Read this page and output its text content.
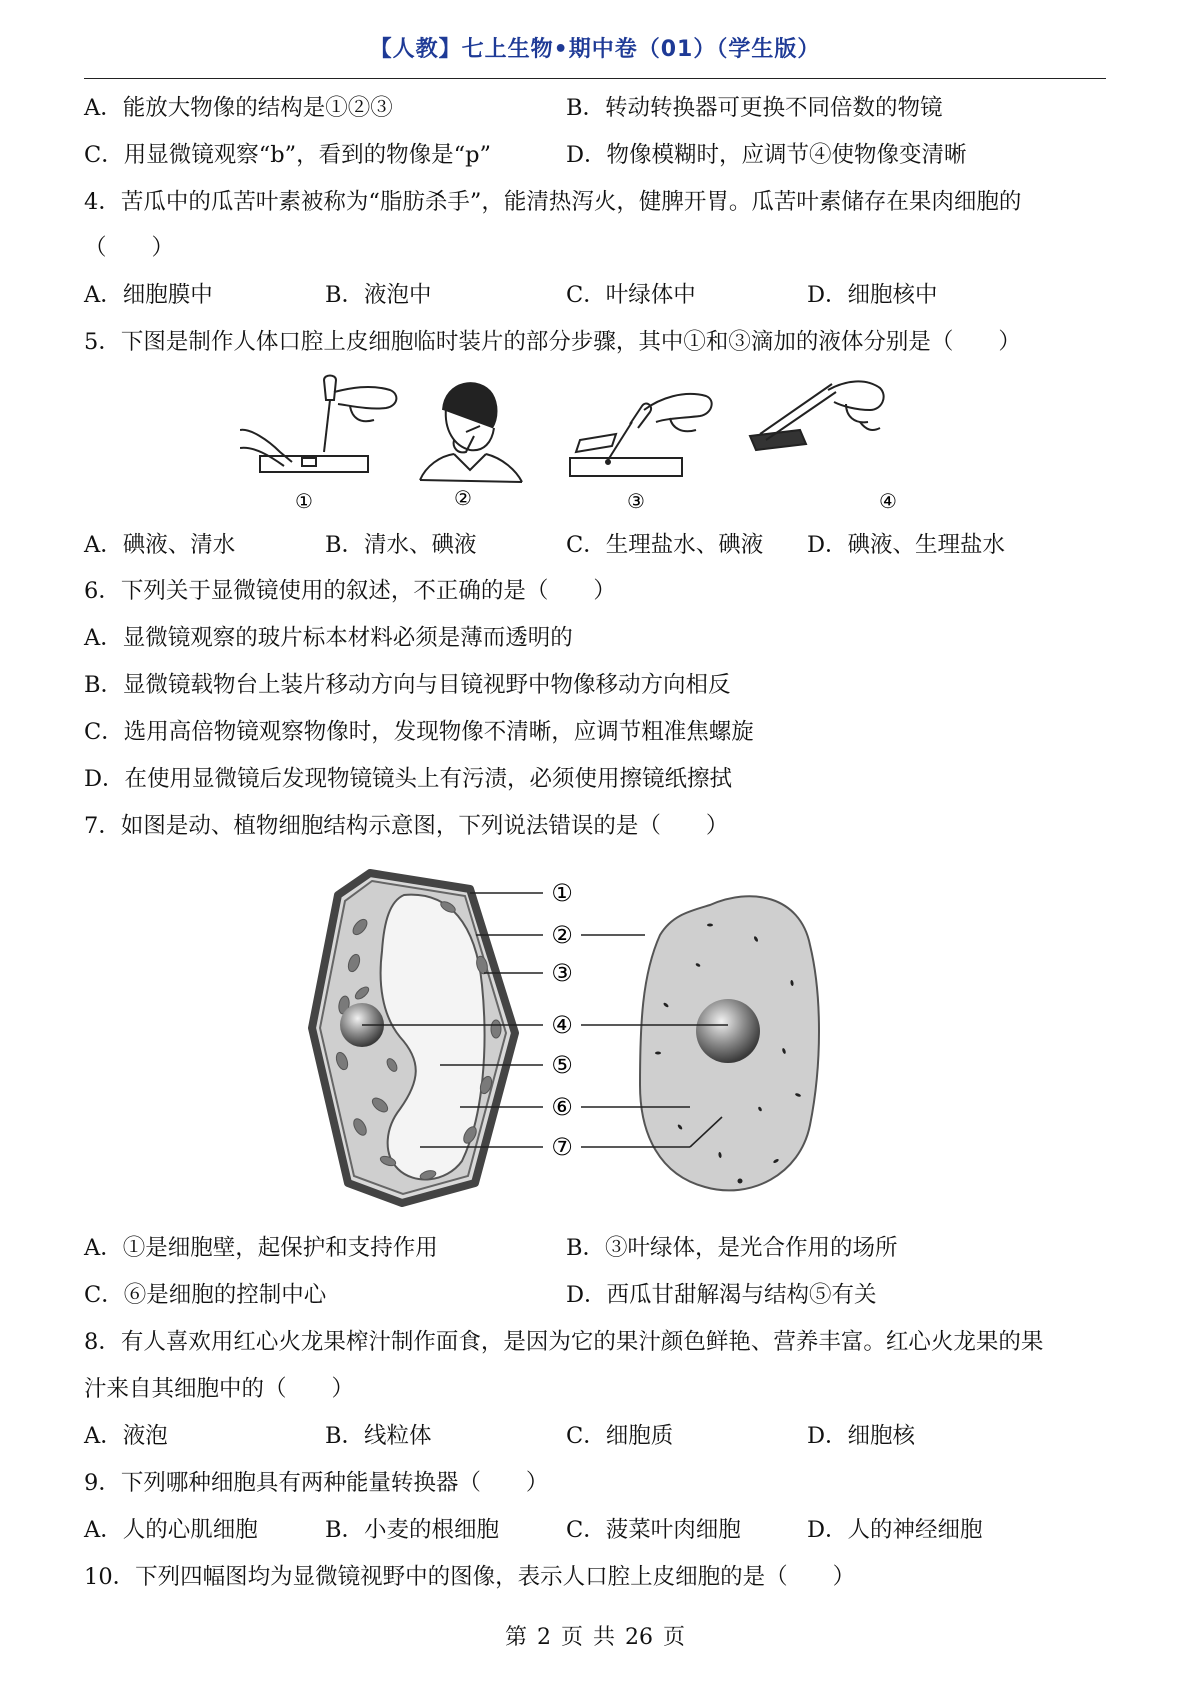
【人教】七上生物•期中卷（01）（学生版）
A．能放大物像的结构是①②③	B．转动转换器可更换不同倍数的物镜
C．用显微镜观察“b”，看到的物像是“p”	D．物像模糊时，应调节④使物像变清晰
4．苦瓜中的瓜苦叶素被称为“脂肪杀手”，能清热泻火，健脾开胃。瓜苦叶素储存在果肉细胞的
（　　）
A．细胞膜中	B．液泡中	C．叶绿体中	D．细胞核中
5．下图是制作人体口腔上皮细胞临时装片的部分步骤，其中①和③滴加的液体分别是（　　）
①	②	③	④
A．碘液、清水	B．清水、碘液	C．生理盐水、碘液 D．碘液、生理盐水
6．下列关于显微镜使用的叙述，不正确的是（　　）
A．显微镜观察的玻片标本材料必须是薄而透明的
B．显微镜载物台上装片移动方向与目镜视野中物像移动方向相反
C．选用高倍物镜观察物像时，发现物像不清晰，应调节粗准焦螺旋
D．在使用显微镜后发现物镜镜头上有污渍，必须使用擦镜纸擦拭
7．如图是动、植物细胞结构示意图，下列说法错误的是（　　）
①
②
③
④
⑤
⑥
⑦
A．①是细胞壁，起保护和支持作用	B．③叶绿体，是光合作用的场所
C．⑥是细胞的控制中心	D．西瓜甘甜解渴与结构⑤有关
8．有人喜欢用红心火龙果榨汁制作面食，是因为它的果汁颜色鲜艳、营养丰富。红心火龙果的果
汁来自其细胞中的（　　）
A．液泡	B．线粒体	C．细胞质	D．细胞核
9．下列哪种细胞具有两种能量转换器（　　）
A．人的心肌细胞	B．小麦的根细胞	C．菠菜叶肉细胞	D．人的神经细胞
10．下列四幅图均为显微镜视野中的图像，表示人口腔上皮细胞的是（　　）
第 2 页 共 26 页
